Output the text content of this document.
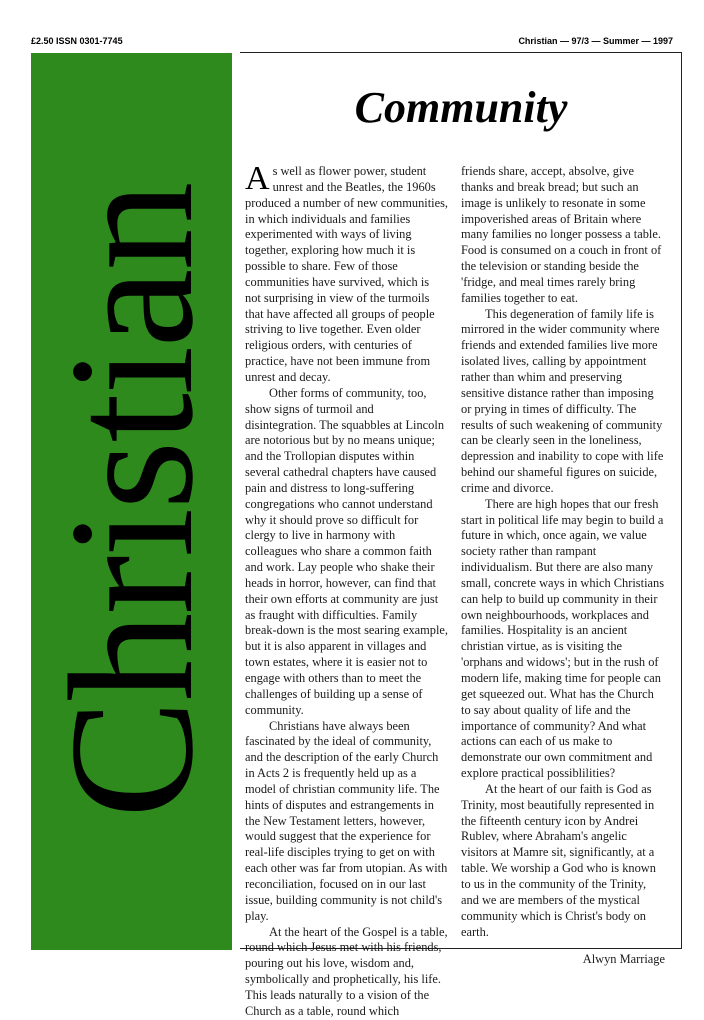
£2.50 ISSN 0301-7745	Christian — 97/3 — Summer — 1997
Christian
Community

As well as flower power, student unrest and the Beatles, the 1960s produced a number of new communities, in which individuals and families experimented with ways of living together, exploring how much it is possible to share. Few of those communities have survived, which is not surprising in view of the turmoils that have affected all groups of people striving to live together. Even older religious orders, with centuries of practice, have not been immune from unrest and decay.

Other forms of community, too, show signs of turmoil and disintegration. The squabbles at Lincoln are notorious but by no means unique; and the Trollopian disputes within several cathedral chapters have caused pain and distress to long-suffering congregations who cannot understand why it should prove so difficult for clergy to live in harmony with colleagues who share a common faith and work. Lay people who shake their heads in horror, however, can find that their own efforts at community are just as fraught with difficulties. Family break-down is the most searing example, but it is also apparent in villages and town estates, where it is easier not to engage with others than to meet the challenges of building up a sense of community.

Christians have always been fascinated by the ideal of community, and the description of the early Church in Acts 2 is frequently held up as a model of christian community life. The hints of disputes and estrangements in the New Testament letters, however, would suggest that the experience for real-life disciples trying to get on with each other was far from utopian. As with reconciliation, focused on in our last issue, building community is not child's play.

At the heart of the Gospel is a table, round which Jesus met with his friends, pouring out his love, wisdom and, symbolically and prophetically, his life. This leads naturally to a vision of the Church as a table, round which

friends share, accept, absolve, give thanks and break bread; but such an image is unlikely to resonate in some impoverished areas of Britain where many families no longer possess a table. Food is consumed on a couch in front of the television or standing beside the 'fridge, and meal times rarely bring families together to eat.

This degeneration of family life is mirrored in the wider community where friends and extended families live more isolated lives, calling by appointment rather than whim and preserving sensitive distance rather than imposing or prying in times of difficulty. The results of such weakening of community can be clearly seen in the loneliness, depression and inability to cope with life behind our shameful figures on suicide, crime and divorce.

There are high hopes that our fresh start in political life may begin to build a future in which, once again, we value society rather than rampant individualism. But there are also many small, concrete ways in which Christians can help to build up community in their own neighbourhoods, workplaces and families. Hospitality is an ancient christian virtue, as is visiting the 'orphans and widows'; but in the rush of modern life, making time for people can get squeezed out. What has the Church to say about quality of life and the importance of community? And what actions can each of us make to demonstrate our own commitment and explore practical possiblilities?

At the heart of our faith is God as Trinity, most beautifully represented in the fifteenth century icon by Andrei Rublev, where Abraham's angelic visitors at Mamre sit, significantly, at a table. We worship a God who is known to us in the community of the Trinity, and we are members of the mystical community which is Christ's body on earth.

Alwyn Marriage
